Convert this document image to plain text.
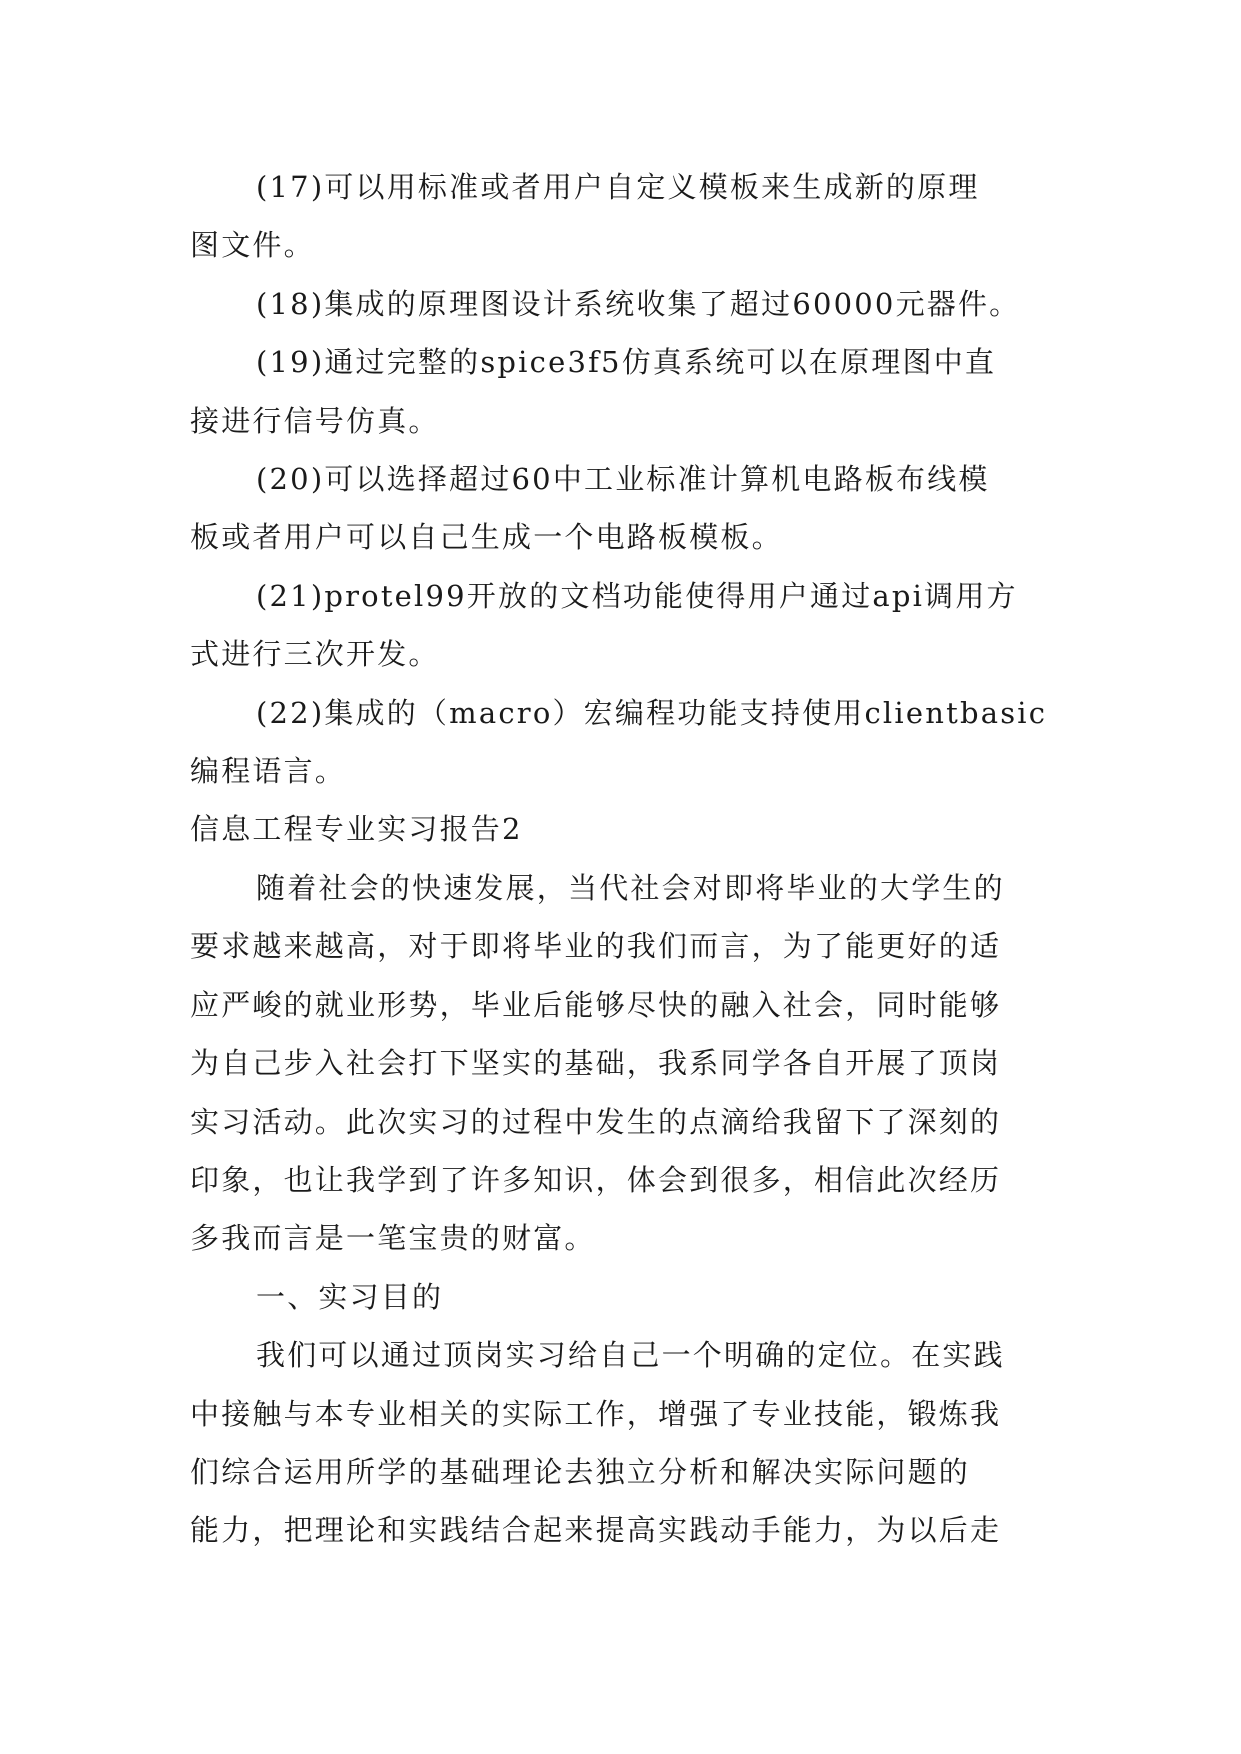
(17)可以用标准或者用户自定义模板来生成新的原理
图文件。

(18)集成的原理图设计系统收集了超过60000元器件。

(19)通过完整的spice3f5仿真系统可以在原理图中直
接进行信号仿真。

(20)可以选择超过60中工业标准计算机电路板布线模
板或者用户可以自己生成一个电路板模板。

(21)protel99开放的文档功能使得用户通过api调用方
式进行三次开发。

(22)集成的（macro）宏编程功能支持使用clientbasic
编程语言。

信息工程专业实习报告2

随着社会的快速发展，当代社会对即将毕业的大学生的
要求越来越高，对于即将毕业的我们而言，为了能更好的适
应严峻的就业形势，毕业后能够尽快的融入社会，同时能够
为自己步入社会打下坚实的基础，我系同学各自开展了顶岗
实习活动。此次实习的过程中发生的点滴给我留下了深刻的
印象，也让我学到了许多知识，体会到很多，相信此次经历
多我而言是一笔宝贵的财富。

一、实习目的

我们可以通过顶岗实习给自己一个明确的定位。在实践
中接触与本专业相关的实际工作，增强了专业技能，锻炼我
们综合运用所学的基础理论去独立分析和解决实际问题的
能力，把理论和实践结合起来提高实践动手能力，为以后走
